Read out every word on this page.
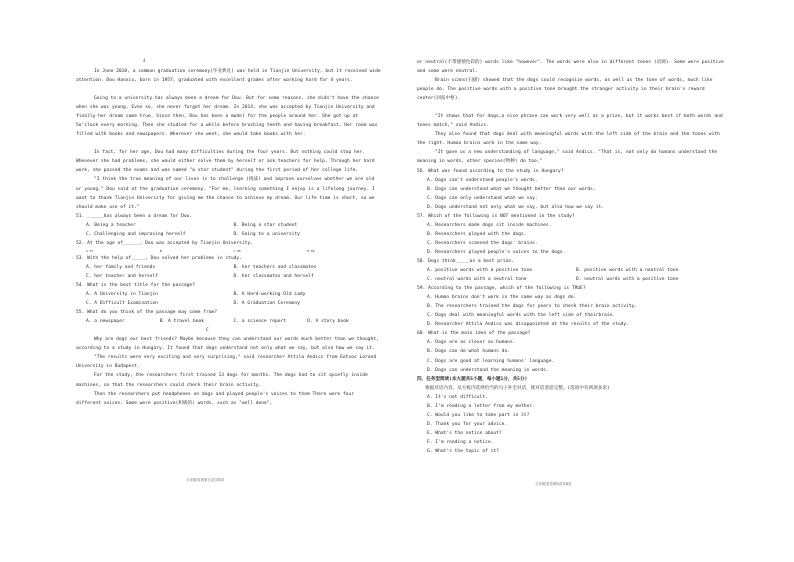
4

In June 2018, a common graduation ceremony(毕业典礼) was held in Tianjin University, but it received wide attention. Dou Hanxiu, born in 1957, graduated with excellent grades after working hard for 4 years.

Going to a university has always been a dream for Dou. But for some reasons, she didn't have the chance when she was young. Even so, she never forgot her dream. In 2014, she was accepted by Tianjin University and finally her dream came true. Since then, Dou has been a model for the people around her. She got up at 5o'clock every morning. Then she studied for a while before brushing teeth and having breakfast. Her room was filled with books and newspapers. Wherever she went, she would take books with her.

In fact, for her age, Dou had many difficulties during the four years. But nothing could stop her. Whenever she had problems, she would either solve them by herself or ask teachers for help. Through her hard work, she passed the exams and was named "a star student" during the first period of her college life.

"I think the true meaning of our lives is to challenge (挑战) and improve ourselves whether we are old or young." Dou said at the graduation ceremony. "For me, learning something I enjoy is a lifelong journey. I want to thank Tianjin University for giving me the chance to achieve my dream. Our life time is short, so we should make use of it."

51. ______has always been a dream for Dou.

A. Being a teacher	B. Being a star student
C. Challenging and improving herself	D. Going to a university

52. At the age of______, Dou was accepted by Tianjin University.

A.57	B.	C.56	D.59

53. With the help of_____, Dou solved her problems in study.

A. her family and friends	B. her teachers and classmates
C. her teacher and herself	D. her classmates and herself

54. What is the best title for the passage?

A. A University in Tianjin	B. A Hard-working Old Lady
C. A Difficult Examination	D. A Graduation Ceremony

55. What do you think of the passage may come from?

A. a newspaper	B. A travel book	C. a science report	D. A story book

C

Why are dogs our best friends? Maybe because they can understand our words much better than we thought, according to a study in Hungary. It found that dogs understand not only what we say, but also how we say it.

"The results were very exciting and very surprising," said researcher Attila Andics from Eotvos Lorand University in Budapest.

For the study, the researchers first trained 13 dogs for months. The dogs had to sit quietly inside machines, so that the researchers could check their brain activity.

Then the researchers put headphones on dogs and played people's voices to them There were four different voices. Some were positive(积极的) words, such as "well done",

九年级英语第五页共8页

or neutral(不带感情色彩的) words like "however". The words were also in different tones (语调). Some were positive and some were neutral.

Brain scans(扫描) showed that the dogs could recognize words, as well as the tone of words, much like people do. The positive words with a positive tone brought the stronger activity in their brain's reward center(回报中枢).

"It shows that for dogs,a nice phrase can work very well as a prize, but it works best if both words and tones match," said Andics.

They also found that dogs deal with meaningful words with the left side of the brain and the tones with the right. Human brains work in the same way.

"It gave us a new understanding of language," said Andics. "That is, not only do humans understand the meaning in words, other species(物种) do too."

56. What was found according to the study in Hungary?

A. Dogs can't understand people's words.
B. Dogs can understand what we thought better than our words.
C. Dogs can only understand what we say.
D. Dogs understand not only what we say, but also how we say it.

57. Which of the following is NOT mentioned in the study?

A. Researchers made dogs sit inside machines.
B. Researchers played with the dogs.
C. Researchers scanned the dogs' brains.
D. Researchers played people's voices to the dogs.

58. Dogs think_____as a best prize.

A. positive words with a positive tone	B. positive words with a neutral tone
C. neutral words with a neutral tone	D. neutral words with a positive tone

59. According to the passage, which of the following is TRUE?

A. Human brains don't work in the same way as dogs do.
B. The researchers trained the dogs for years to check their brain activity.
C. Dogs deal with meaningful words with the left side of theirbrain.
D. Researcher Attila Andics was disappointed at the results of the study.

60. What is the main idea of the passage?

A. Dogs are as clever as humans.
B. Dogs can do what humans do.
C. Dogs are good at learning humans' language.
D. Dogs can understand the meaning in words.

四、任务型阅读(本大题共5小题，每小题1分，共5分)

根据对话内容，从方框内选择恰当的句子补全对话，使对话意思完整。(选项中有两项多余)

A. It's not difficult.
B. I'm reading a letter from my mother.
C. Would you like to take part in it?
D. Thank you for your advice.
E. What's the notice about?
F. I'm reading a notice.
G. What's the topic of it?
九年级英语第6页共8页
